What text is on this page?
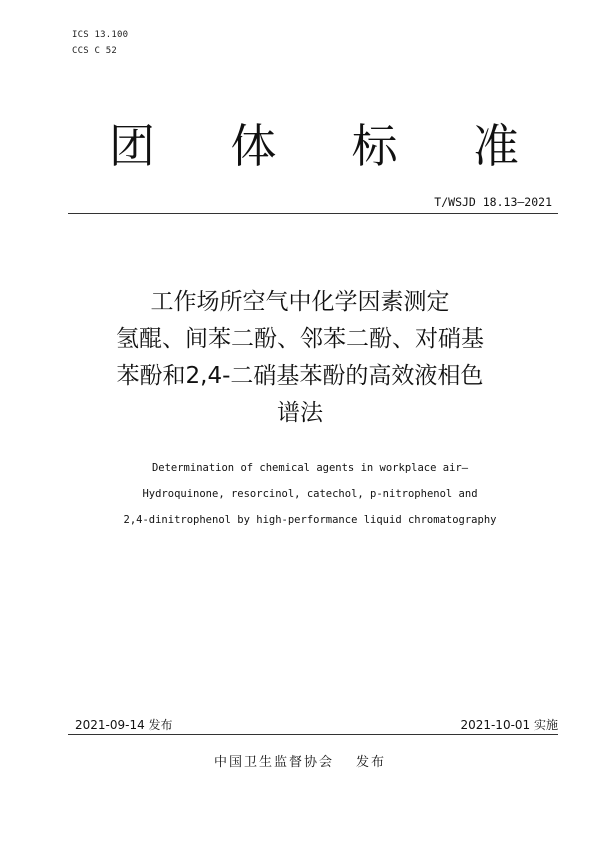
ICS 13.100
CCS C 52
团 体 标 准
T/WSJD 18.13—2021
工作场所空气中化学因素测定
氢醌、间苯二酚、邻苯二酚、对硝基
苯酚和2,4-二硝基苯酚的高效液相色
谱法
Determination of chemical agents in workplace air—
Hydroquinone, resorcinol, catechol, p-nitrophenol and
2,4-dinitrophenol by high-performance liquid chromatography
2021-09-14 发布	2021-10-01 实施
中国卫生监督协会 发布
